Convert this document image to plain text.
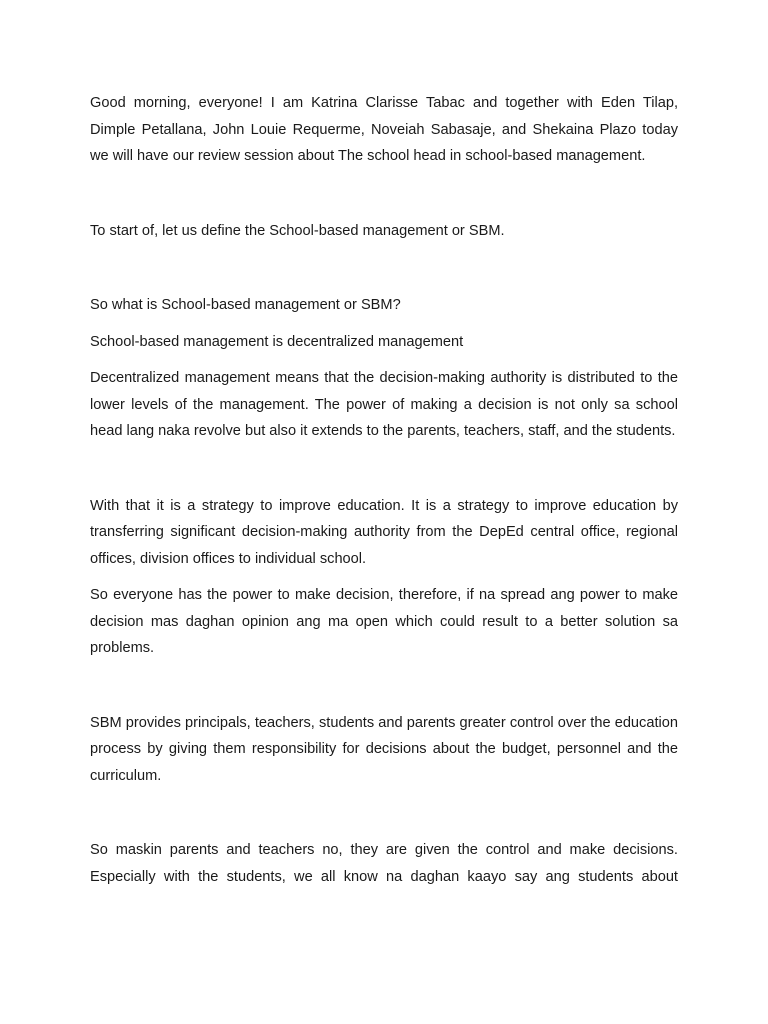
Good morning, everyone! I am Katrina Clarisse Tabac and together with Eden Tilap, Dimple Petallana, John Louie Requerme, Noveiah Sabasaje, and Shekaina Plazo today we will have our review session about The school head in school-based management.

To start of, let us define the School-based management or SBM.

So what is School-based management or SBM?

School-based management is decentralized management

Decentralized management means that the decision-making authority is distributed to the lower levels of the management. The power of making a decision is not only sa school head lang naka revolve but also it extends to the parents, teachers, staff, and the students.

With that it is a strategy to improve education. It is a strategy to improve education by transferring significant decision-making authority from the DepEd central office, regional offices, division offices to individual school.

So everyone has the power to make decision, therefore, if na spread ang power to make decision mas daghan opinion ang ma open which could result to a better solution sa problems.

SBM provides principals, teachers, students and parents greater control over the education process by giving them responsibility for decisions about the budget, personnel and the curriculum.

So maskin parents and teachers no, they are given the control and make decisions. Especially with the students, we all know na daghan kaayo say ang students about
